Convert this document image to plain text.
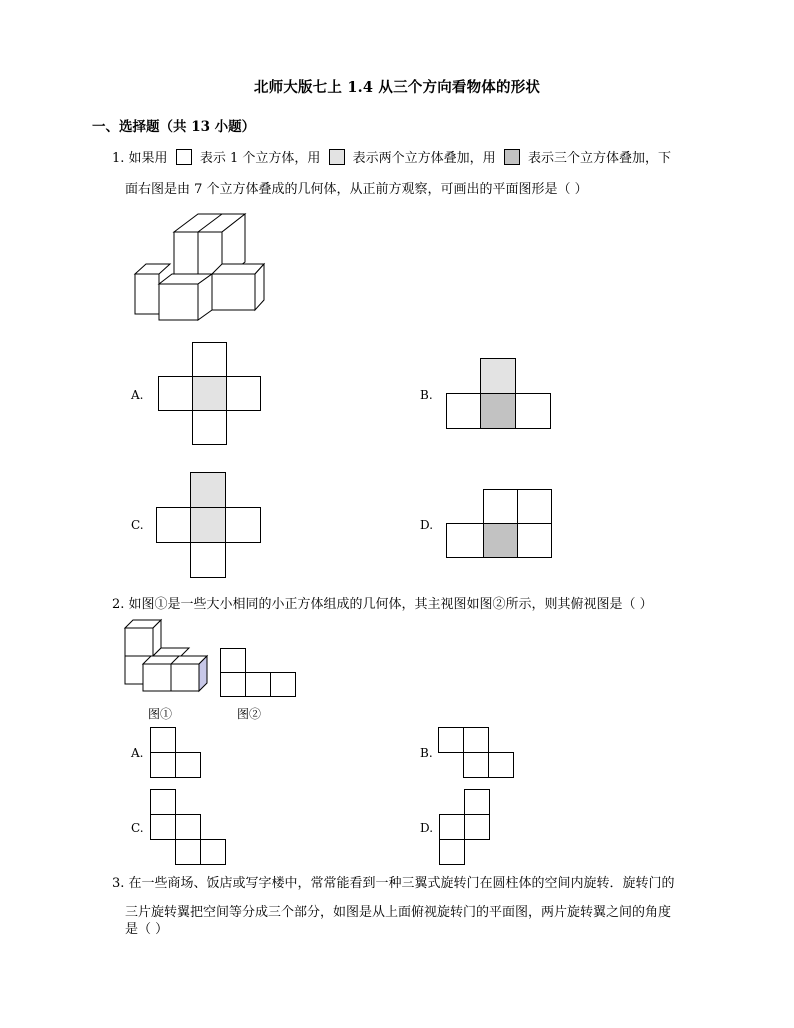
北师大版七上 1.4 从三个方向看物体的形状
一、选择题（共 13 小题）
1. 如果用 表示 1 个立方体，用 表示两个立方体叠加，用 表示三个立方体叠加，下
面右图是由 7 个立方体叠成的几何体，从正前方观察，可画出的平面图形是（ ）
A.	B.
C.	D.
2. 如图①是一些大小相同的小正方体组成的几何体，其主视图如图②所示，则其俯视图是（ ）
图①	图②
A.	B.
C.	D.
3. 在一些商场、饭店或写字楼中，常常能看到一种三翼式旋转门在圆柱体的空间内旋转．旋转门的
三片旋转翼把空间等分成三个部分，如图是从上面俯视旋转门的平面图，两片旋转翼之间的角度
是（ ）
